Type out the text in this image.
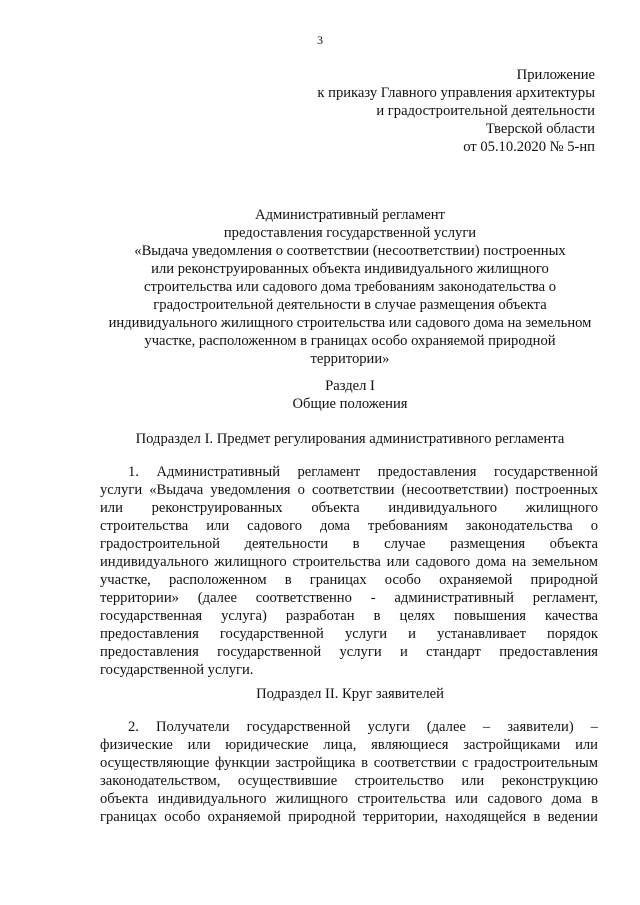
3
Приложение
к приказу Главного управления архитектуры
и градостроительной деятельности
Тверской области
от 05.10.2020 № 5-нп
Административный регламент
предоставления государственной услуги
«Выдача уведомления о соответствии (несоответствии) построенных
или реконструированных объекта индивидуального жилищного
строительства или садового дома требованиям законодательства о
градостроительной деятельности в случае размещения объекта
индивидуального жилищного строительства или садового дома на земельном
участке, расположенном в границах особо охраняемой природной
территории»
Раздел I
Общие положения
Подраздел I. Предмет регулирования административного регламента
1. Административный регламент предоставления государственной
услуги «Выдача уведомления о соответствии (несоответствии) построенных
или реконструированных объекта индивидуального жилищного
строительства или садового дома требованиям законодательства о
градостроительной деятельности в случае размещения объекта
индивидуального жилищного строительства или садового дома на земельном
участке, расположенном в границах особо охраняемой природной
территории» (далее соответственно - административный регламент,
государственная услуга) разработан в целях повышения качества
предоставления государственной услуги и устанавливает порядок
предоставления государственной услуги и стандарт предоставления
государственной услуги.
Подраздел II. Круг заявителей
2. Получатели государственной услуги (далее – заявители) –
физические или юридические лица, являющиеся застройщиками или
осуществляющие функции застройщика в соответствии с градостроительным
законодательством, осуществившие строительство или реконструкцию
объекта индивидуального жилищного строительства или садового дома в
границах особо охраняемой природной территории, находящейся в ведении
